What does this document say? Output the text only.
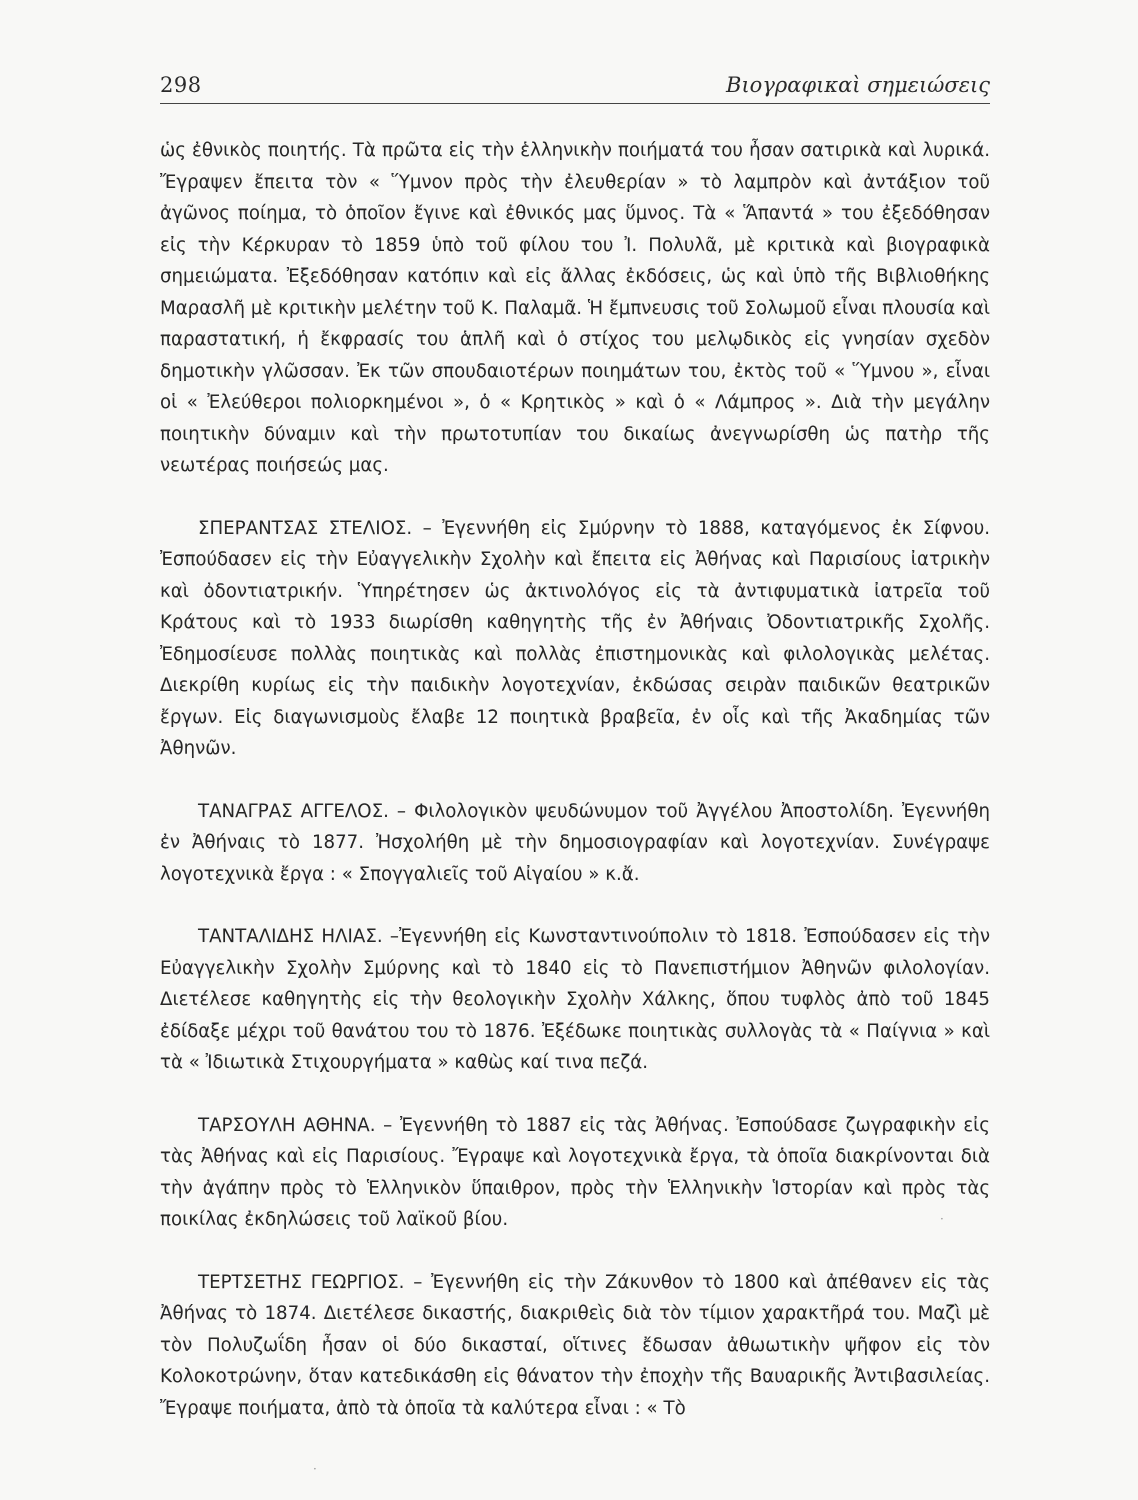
298	Βιογραφικαὶ σημειώσεις

ὡς ἐθνικὸς ποιητής. Τὰ πρῶτα εἰς τὴν ἑλληνικὴν ποιήματά του ἦσαν σατιρικὰ καὶ λυρικά. Ἔγραψεν ἔπειτα τὸν « Ὕμνον πρὸς τὴν ἐλευθερίαν » τὸ λαμπρὸν καὶ ἀντάξιον τοῦ ἀγῶνος ποίημα, τὸ ὁποῖον ἔγινε καὶ ἐθνικός μας ὕμνος. Τὰ « Ἅπαντά » του ἐξεδόθησαν εἰς τὴν Κέρκυραν τὸ 1859 ὑπὸ τοῦ φίλου του Ἰ. Πολυλᾶ, μὲ κριτικὰ καὶ βιογραφικὰ σημειώματα. Ἐξεδόθησαν κατόπιν καὶ εἰς ἄλλας ἐκδόσεις, ὡς καὶ ὑπὸ τῆς Βιβλιοθήκης Μαρασλῆ μὲ κριτικὴν μελέτην τοῦ Κ. Παλαμᾶ. Ἡ ἔμπνευσις τοῦ Σολωμοῦ εἶναι πλουσία καὶ παραστατική, ἡ ἔκφρασίς του ἁπλῆ καὶ ὁ στίχος του μελῳδικὸς εἰς γνησίαν σχεδὸν δημοτικὴν γλῶσσαν. Ἐκ τῶν σπουδαιοτέρων ποιημάτων του, ἐκτὸς τοῦ « Ὕμνου », εἶναι οἱ « Ἐλεύθεροι πολιορκημένοι », ὁ « Κρητικὸς » καὶ ὁ « Λάμπρος ». Διὰ τὴν μεγάλην ποιητικὴν δύναμιν καὶ τὴν πρωτοτυπίαν του δικαίως ἀνεγνωρίσθη ὡς πατὴρ τῆς νεωτέρας ποιήσεώς μας.

ΣΠΕΡΑΝΤΣΑΣ ΣΤΕΛΙΟΣ. – Ἐγεννήθη εἰς Σμύρνην τὸ 1888, καταγόμενος ἐκ Σίφνου. Ἐσπούδασεν εἰς τὴν Εὐαγγελικὴν Σχολὴν καὶ ἔπειτα εἰς Ἀθήνας καὶ Παρισίους ἰατρικὴν καὶ ὀδοντιατρικήν. Ὑπηρέτησεν ὡς ἀκτινολόγος εἰς τὰ ἀντιφυματικὰ ἰατρεῖα τοῦ Κράτους καὶ τὸ 1933 διωρίσθη καθηγητὴς τῆς ἐν Ἀθήναις Ὀδοντιατρικῆς Σχολῆς. Ἐδημοσίευσε πολλὰς ποιητικὰς καὶ πολλὰς ἐπιστημονικὰς καὶ φιλολογικὰς μελέτας. Διεκρίθη κυρίως εἰς τὴν παιδικὴν λογοτεχνίαν, ἐκδώσας σειρὰν παιδικῶν θεατρικῶν ἔργων. Εἰς διαγωνισμοὺς ἔλαβε 12 ποιητικὰ βραβεῖα, ἐν οἷς καὶ τῆς Ἀκαδημίας τῶν Ἀθηνῶν.

ΤΑΝΑΓΡΑΣ ΑΓΓΕΛΟΣ. – Φιλολογικὸν ψευδώνυμον τοῦ Ἀγγέλου Ἀποστολίδη. Ἐγεννήθη ἐν Ἀθήναις τὸ 1877. Ἠσχολήθη μὲ τὴν δημοσιογραφίαν καὶ λογοτεχνίαν. Συνέγραψε λογοτεχνικὰ ἔργα : « Σπογγαλιεῖς τοῦ Αἰγαίου » κ.ἄ.

ΤΑΝΤΑΛΙΔΗΣ ΗΛΙΑΣ. –Ἐγεννήθη εἰς Κωνσταντινούπολιν τὸ 1818. Ἐσπούδασεν εἰς τὴν Εὐαγγελικὴν Σχολὴν Σμύρνης καὶ τὸ 1840 εἰς τὸ Πανεπιστήμιον Ἀθηνῶν φιλολογίαν. Διετέλεσε καθηγητὴς εἰς τὴν θεολογικὴν Σχολὴν Χάλκης, ὅπου τυφλὸς ἀπὸ τοῦ 1845 ἐδίδαξε μέχρι τοῦ θανάτου του τὸ 1876. Ἐξέδωκε ποιητικὰς συλλογὰς τὰ « Παίγνια » καὶ τὰ « Ἰδιωτικὰ Στιχουργήματα » καθὼς καί τινα πεζά.

ΤΑΡΣΟΥΛΗ ΑΘΗΝΑ. – Ἐγεννήθη τὸ 1887 εἰς τὰς Ἀθήνας. Ἐσπούδασε ζωγραφικὴν εἰς τὰς Ἀθήνας καὶ εἰς Παρισίους. Ἔγραψε καὶ λογοτεχνικὰ ἔργα, τὰ ὁποῖα διακρίνονται διὰ τὴν ἀγάπην πρὸς τὸ Ἑλληνικὸν ὕπαιθρον, πρὸς τὴν Ἑλληνικὴν Ἱστορίαν καὶ πρὸς τὰς ποικίλας ἐκδηλώσεις τοῦ λαϊκοῦ βίου.

ΤΕΡΤΣΕΤΗΣ ΓΕΩΡΓΙΟΣ. – Ἐγεννήθη εἰς τὴν Ζάκυνθον τὸ 1800 καὶ ἀπέθανεν εἰς τὰς Ἀθήνας τὸ 1874. Διετέλεσε δικαστής, διακριθεὶς διὰ τὸν τίμιον χαρακτῆρά του. Μαζὶ μὲ τὸν Πολυζωΐδη ἦσαν οἱ δύο δικασταί, οἵτινες ἔδωσαν ἀθωωτικὴν ψῆφον εἰς τὸν Κολοκοτρώνην, ὅταν κατεδικάσθη εἰς θάνατον τὴν ἐποχὴν τῆς Βαυαρικῆς Ἀντιβασιλείας. Ἔγραψε ποιήματα, ἀπὸ τὰ ὁποῖα τὰ καλύτερα εἶναι : « Τὸ

·
·
